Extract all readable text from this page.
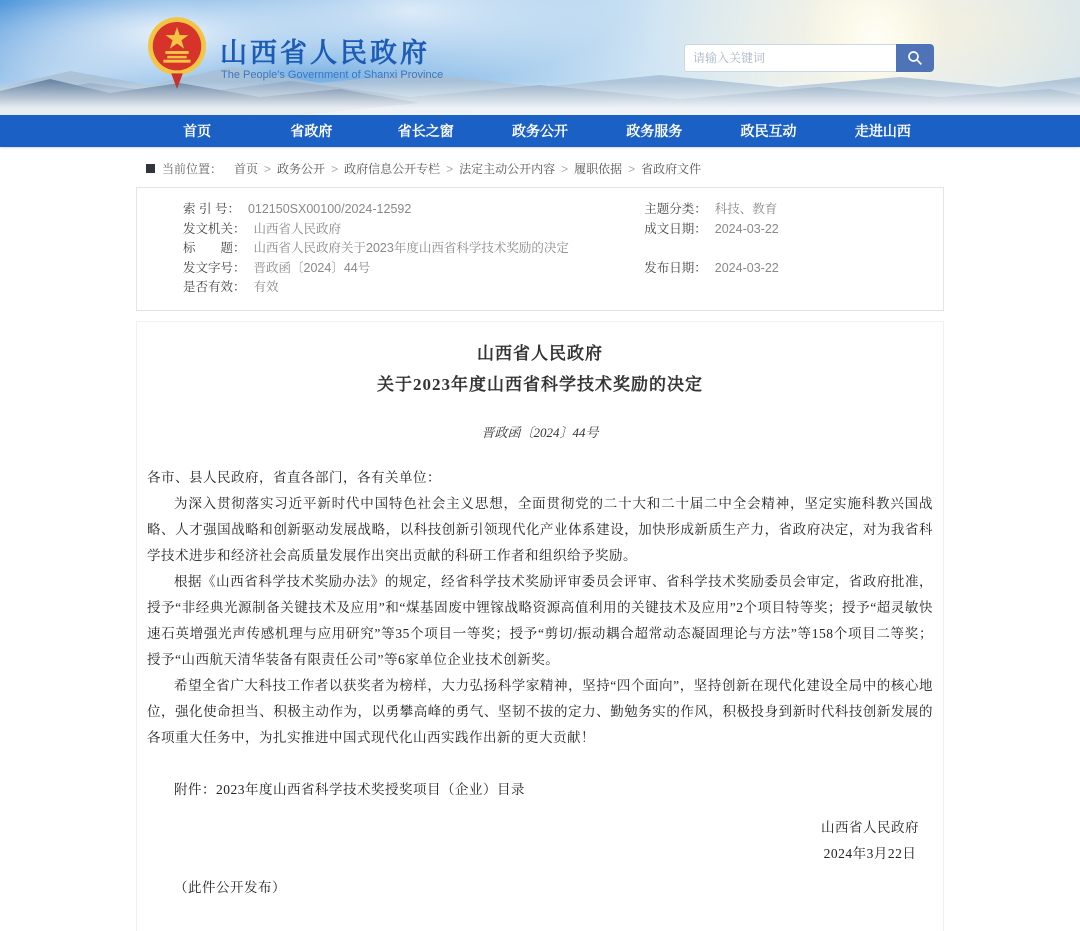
山西省人民政府
The People's Government of Shanxi Province
请输入关键词
首页	省政府	省长之窗	政务公开	政务服务	政民互动	走进山西
当前位置： 首页 > 政务公开 > 政府信息公开专栏 > 法定主动公开内容 > 履职依据 > 省政府文件
索 引 号： 012150SX00100/2024-12592	主题分类： 科技、教育
发文机关： 山西省人民政府	成文日期： 2024-03-22
标　　题： 山西省人民政府关于2023年度山西省科学技术奖励的决定
发文字号： 晋政函〔2024〕44号	发布日期： 2024-03-22
是否有效： 有效
山西省人民政府
关于2023年度山西省科学技术奖励的决定
晋政函〔2024〕44号
各市、县人民政府，省直各部门，各有关单位：
为深入贯彻落实习近平新时代中国特色社会主义思想，全面贯彻党的二十大和二十届二中全会精神，坚定实施科教兴国战略、人才强国战略和创新驱动发展战略，以科技创新引领现代化产业体系建设，加快形成新质生产力，省政府决定，对为我省科学技术进步和经济社会高质量发展作出突出贡献的科研工作者和组织给予奖励。
根据《山西省科学技术奖励办法》的规定，经省科学技术奖励评审委员会评审、省科学技术奖励委员会审定，省政府批准，授予“非经典光源制备关键技术及应用”和“煤基固废中锂镓战略资源高值利用的关键技术及应用”2个项目特等奖；授予“超灵敏快速石英增强光声传感机理与应用研究”等35个项目一等奖；授予“剪切/振动耦合超常动态凝固理论与方法”等158个项目二等奖；授予“山西航天清华装备有限责任公司”等6家单位企业技术创新奖。
希望全省广大科技工作者以获奖者为榜样，大力弘扬科学家精神，坚持“四个面向”，坚持创新在现代化建设全局中的核心地位，强化使命担当、积极主动作为，以勇攀高峰的勇气、坚韧不拔的定力、勤勉务实的作风，积极投身到新时代科技创新发展的各项重大任务中，为扎实推进中国式现代化山西实践作出新的更大贡献！
附件：2023年度山西省科学技术奖授奖项目（企业）目录
山西省人民政府
2024年3月22日
（此件公开发布）
